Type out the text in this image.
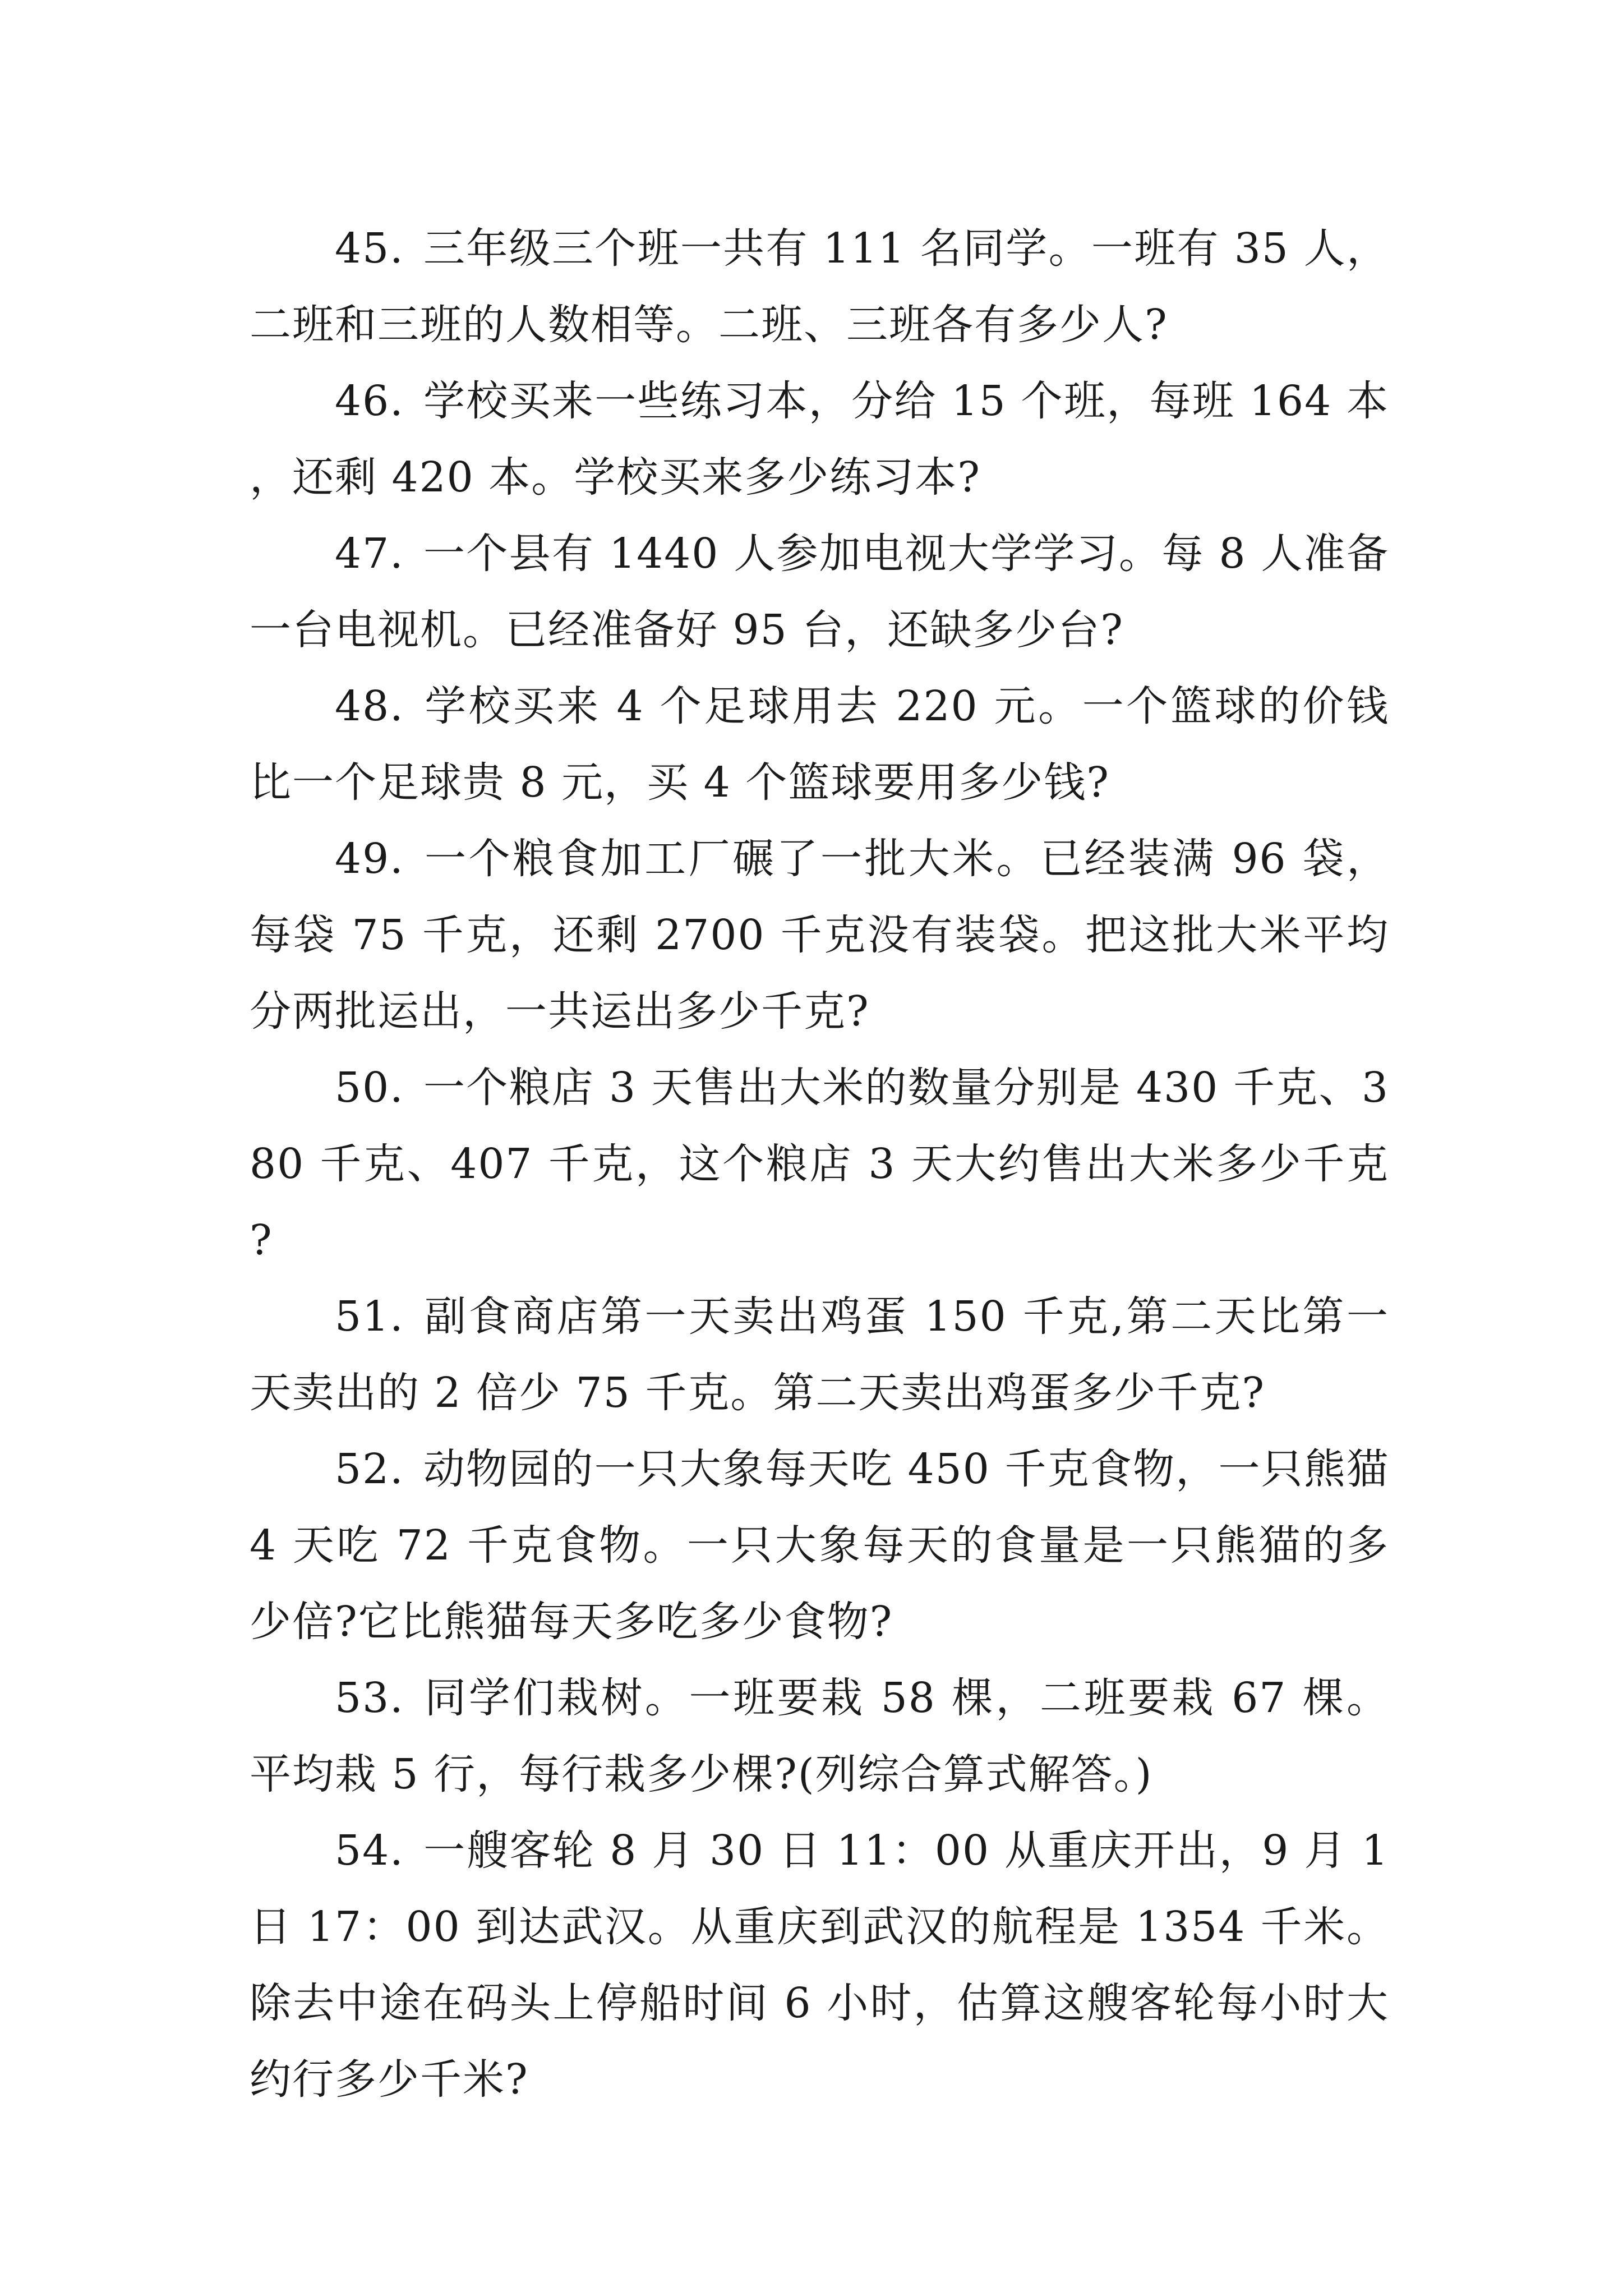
45. 三年级三个班一共有 111 名同学。一班有 35 人，二班和三班的人数相等。二班、三班各有多少人?

46. 学校买来一些练习本，分给 15 个班，每班 164 本，还剩 420 本。学校买来多少练习本?

47. 一个县有 1440 人参加电视大学学习。每 8 人准备一台电视机。已经准备好 95 台，还缺多少台?

48. 学校买来 4 个足球用去 220 元。一个篮球的价钱比一个足球贵 8 元，买 4 个篮球要用多少钱?

49. 一个粮食加工厂碾了一批大米。已经装满 96 袋，每袋 75 千克，还剩 2700 千克没有装袋。把这批大米平均分两批运出，一共运出多少千克?

50. 一个粮店 3 天售出大米的数量分别是 430 千克、380 千克、407 千克，这个粮店 3 天大约售出大米多少千克?

51. 副食商店第一天卖出鸡蛋 150 千克,第二天比第一天卖出的 2 倍少 75 千克。第二天卖出鸡蛋多少千克?

52. 动物园的一只大象每天吃 450 千克食物，一只熊猫 4 天吃 72 千克食物。一只大象每天的食量是一只熊猫的多少倍?它比熊猫每天多吃多少食物?

53. 同学们栽树。一班要栽 58 棵，二班要栽 67 棵。平均栽 5 行，每行栽多少棵?(列综合算式解答。)

54. 一艘客轮 8 月 30 日 11：00 从重庆开出，9 月 1 日 17：00 到达武汉。从重庆到武汉的航程是 1354 千米。除去中途在码头上停船时间 6 小时，估算这艘客轮每小时大约行多少千米?
